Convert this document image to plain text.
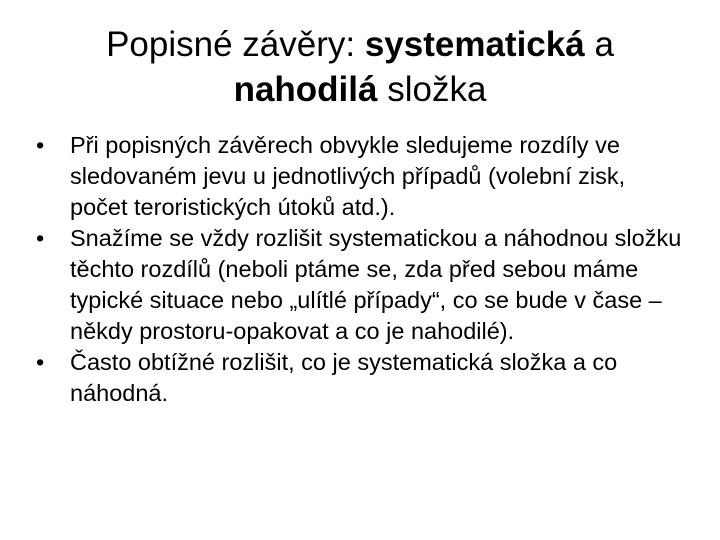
Popisné závěry: systematická a
nahodilá složka
•	Při popisných závěrech obvykle sledujeme rozdíly ve sledovaném jevu u jednotlivých případů (volební zisk, počet teroristických útoků atd.).
•	Snažíme se vždy rozlišit systematickou a náhodnou složku těchto rozdílů (neboli ptáme se, zda před sebou máme typické situace nebo „ulítlé případy“, co se bude v čase –někdy prostoru-opakovat a co je nahodilé).
•	Často obtížné rozlišit, co je systematická složka a co náhodná.
